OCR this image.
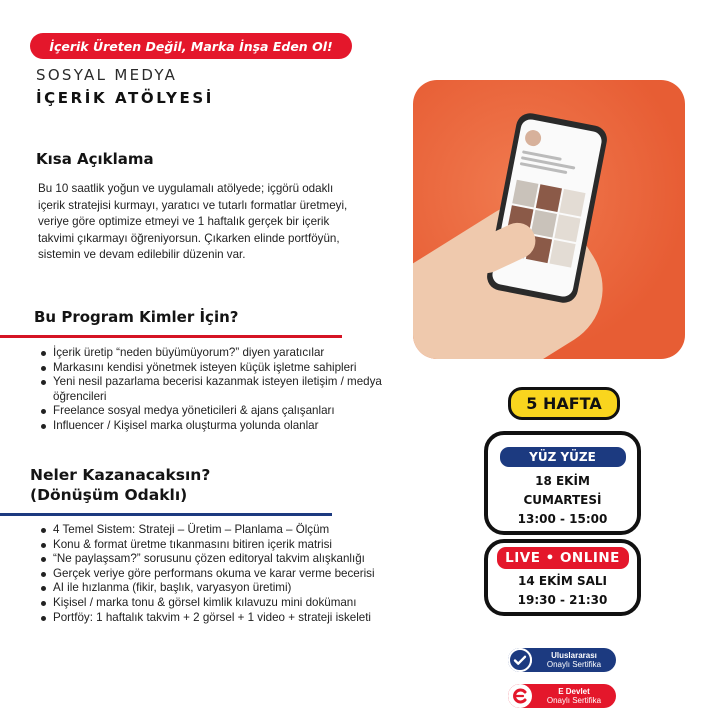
İçerik Üreten Değil, Marka İnşa Eden Ol!
SOSYAL MEDYA
İÇERİK ATÖLYESİ
Kısa Açıklama

Bu 10 saatlik yoğun ve uygulamalı atölyede; içgörü odaklı içerik stratejisi kurmayı, yaratıcı ve tutarlı formatlar üretmeyi, veriye göre optimize etmeyi ve 1 haftalık gerçek bir içerik takvimi çıkarmayı öğreniyorsun. Çıkarken elinde portföyün, sistemin ve devam edilebilir düzenin var.

Bu Program Kimler İçin?
İçerik üretip “neden büyümüyorum?” diyen yaratıcılar
Markasını kendisi yönetmek isteyen küçük işletme sahipleri
Yeni nesil pazarlama becerisi kazanmak isteyen iletişim / medya öğrencileri
Freelance sosyal medya yöneticileri & ajans çalışanları
Influencer / Kişisel marka oluşturma yolunda olanlar
Neler Kazanacaksın?
(Dönüşüm Odaklı)
4 Temel Sistem: Strateji – Üretim – Planlama – Ölçüm
Konu & format üretme tıkanmasını bitiren içerik matrisi
“Ne paylaşsam?” sorusunu çözen editoryal takvim alışkanlığı
Gerçek veriye göre performans okuma ve karar verme becerisi
AI ile hızlanma (fikir, başlık, varyasyon üretimi)
Kişisel / marka tonu & görsel kimlik kılavuzu mini dokümanı
Portföy: 1 haftalık takvim + 2 görsel + 1 video + strateji iskeleti
5 HAFTA
YÜZ YÜZE
18 EKİM
CUMARTESİ
13:00 - 15:00
LIVE • ONLINE
14 EKİM SALI
19:30 - 21:30
Uluslararası
Onaylı Sertifika
E Devlet
Onaylı Sertifika
